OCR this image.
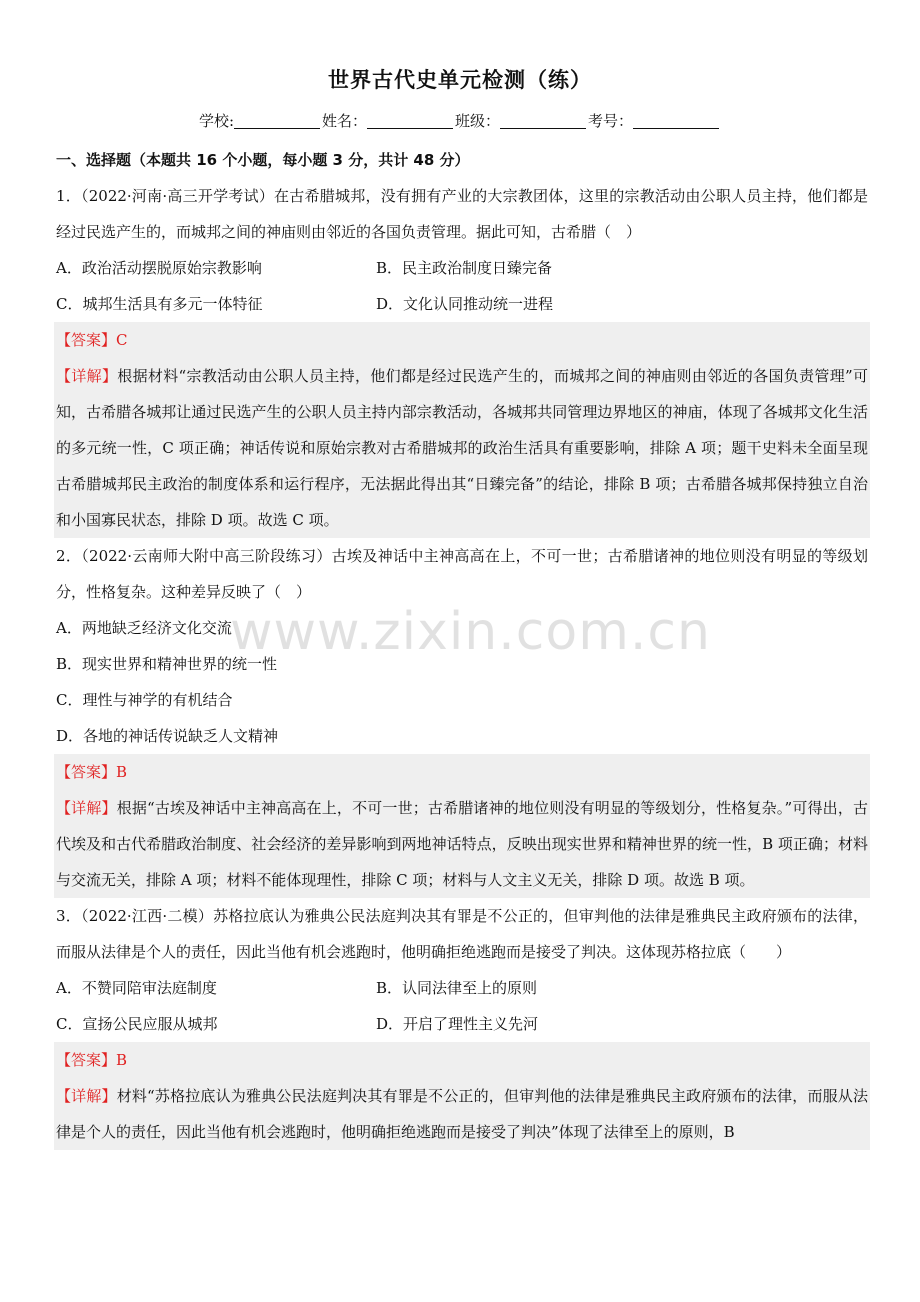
世界古代史单元检测（练）
学校:	姓名：	班级：	考号：
一、选择题（本题共 16 个小题，每小题 3 分，共计 48 分）

1．（2022·河南·高三开学考试）在古希腊城邦，没有拥有产业的大宗教团体，这里的宗教活动由公职人员主持，他们都是经过民选产生的，而城邦之间的神庙则由邻近的各国负责管理。据此可知，古希腊（　）

A．政治活动摆脱原始宗教影响	B．民主政治制度日臻完备
C．城邦生活具有多元一体特征	D．文化认同推动统一进程

【答案】C

【详解】根据材料“宗教活动由公职人员主持，他们都是经过民选产生的，而城邦之间的神庙则由邻近的各国负责管理”可知，古希腊各城邦让通过民选产生的公职人员主持内部宗教活动，各城邦共同管理边界地区的神庙，体现了各城邦文化生活的多元统一性，C 项正确；神话传说和原始宗教对古希腊城邦的政治生活具有重要影响，排除 A 项；题干史料未全面呈现古希腊城邦民主政治的制度体系和运行程序，无法据此得出其“日臻完备”的结论，排除 B 项；古希腊各城邦保持独立自治和小国寡民状态，排除 D 项。故选 C 项。

2．（2022·云南师大附中高三阶段练习）古埃及神话中主神高高在上，不可一世；古希腊诸神的地位则没有明显的等级划分，性格复杂。这种差异反映了（　）

A．两地缺乏经济文化交流
B．现实世界和精神世界的统一性
C．理性与神学的有机结合
D．各地的神话传说缺乏人文精神

【答案】B

【详解】根据“古埃及神话中主神高高在上，不可一世；古希腊诸神的地位则没有明显的等级划分，性格复杂。”可得出，古代埃及和古代希腊政治制度、社会经济的差异影响到两地神话特点，反映出现实世界和精神世界的统一性，B 项正确；材料与交流无关，排除 A 项；材料不能体现理性，排除 C 项；材料与人文主义无关，排除 D 项。故选 B 项。

3．（2022·江西·二模）苏格拉底认为雅典公民法庭判决其有罪是不公正的，但审判他的法律是雅典民主政府颁布的法律，而服从法律是个人的责任，因此当他有机会逃跑时，他明确拒绝逃跑而是接受了判决。这体现苏格拉底（　　）

A．不赞同陪审法庭制度	B．认同法律至上的原则
C．宣扬公民应服从城邦	D．开启了理性主义先河

【答案】B

【详解】材料“苏格拉底认为雅典公民法庭判决其有罪是不公正的，但审判他的法律是雅典民主政府颁布的法律，而服从法律是个人的责任，因此当他有机会逃跑时，他明确拒绝逃跑而是接受了判决”体现了法律至上的原则，B

www.zixin.com.cn
